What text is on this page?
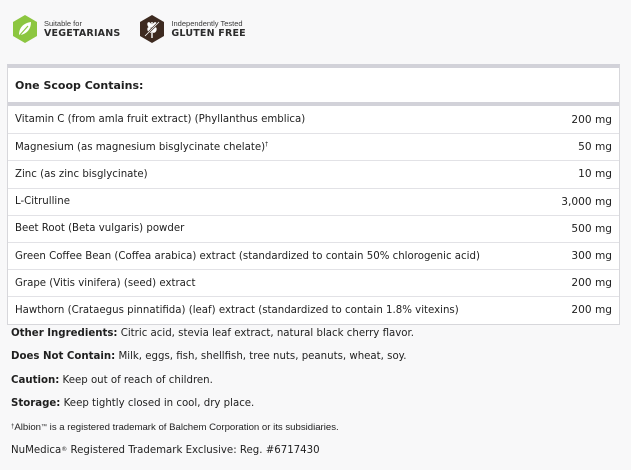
Suitable for
VEGETARIANS
Independently Tested
GLUTEN FREE
One Scoop Contains:
Vitamin C (from amla fruit extract) (Phyllanthus emblica)	200 mg
Magnesium (as magnesium bisglycinate chelate)†	50 mg
Zinc (as zinc bisglycinate)	10 mg
L-Citrulline	3,000 mg
Beet Root (Beta vulgaris) powder	500 mg
Green Coffee Bean (Coffea arabica) extract (standardized to contain 50% chlorogenic acid)	300 mg
Grape (Vitis vinifera) (seed) extract	200 mg
Hawthorn (Crataegus pinnatifida) (leaf) extract (standardized to contain 1.8% vitexins)	200 mg
Other Ingredients: Citric acid, stevia leaf extract, natural black cherry flavor.
Does Not Contain: Milk, eggs, fish, shellfish, tree nuts, peanuts, wheat, soy.
Caution: Keep out of reach of children.
Storage: Keep tightly closed in cool, dry place.
†Albion™ is a registered trademark of Balchem Corporation or its subsidiaries.
NuMedica® Registered Trademark Exclusive: Reg. #6717430
